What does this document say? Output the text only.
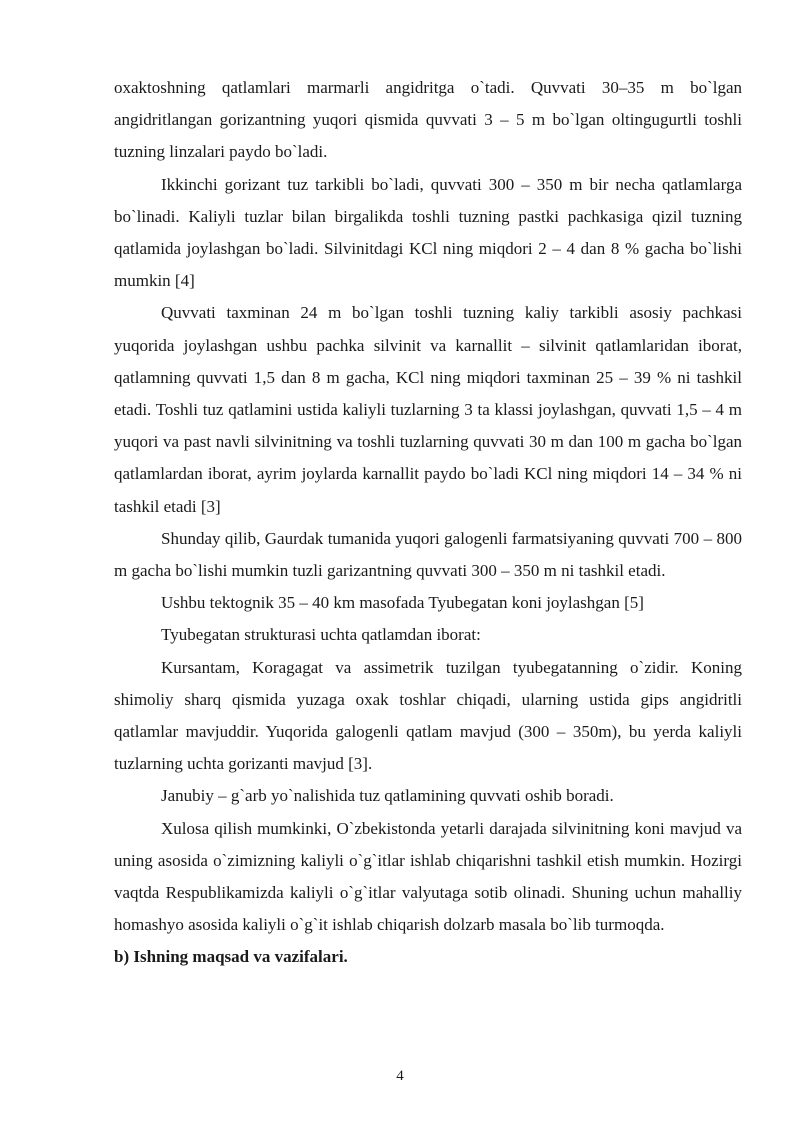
oxaktoshning qatlamlari marmarli angidritga o`tadi. Quvvati 30–35 m bo`lgan angidritlangan gorizantning yuqori qismida quvvati 3 – 5 m bo`lgan oltingugurtli toshli tuzning linzalari paydo bo`ladi.

Ikkinchi gorizant tuz tarkibli bo`ladi, quvvati 300 – 350 m bir necha qatlamlarga bo`linadi. Kaliyli tuzlar bilan birgalikda toshli tuzning pastki pachkasiga qizil tuzning qatlamida joylashgan bo`ladi. Silvinitdagi KCl ning miqdori 2 – 4 dan 8 % gacha bo`lishi mumkin [4]

Quvvati taxminan 24 m bo`lgan toshli tuzning kaliy tarkibli asosiy pachkasi yuqorida joylashgan ushbu pachka silvinit va karnallit – silvinit qatlamlaridan iborat, qatlamning quvvati 1,5 dan 8 m gacha, KCl ning miqdori taxminan 25 – 39 % ni tashkil etadi. Toshli tuz qatlamini ustida kaliyli tuzlarning 3 ta klassi joylashgan, quvvati 1,5 – 4 m yuqori va past navli silvinitning va toshli tuzlarning quvvati 30 m dan 100 m gacha bo`lgan qatlamlardan iborat, ayrim joylarda karnallit paydo bo`ladi KCl ning miqdori 14 – 34 % ni tashkil etadi [3]

Shunday qilib, Gaurdak tumanida yuqori galogenli farmatsiyaning quvvati 700 – 800 m gacha bo`lishi mumkin tuzli garizantning quvvati 300 – 350 m ni tashkil etadi.

Ushbu tektognik 35 – 40 km masofada Tyubegatan koni joylashgan [5]

Tyubegatan strukturasi uchta qatlamdan iborat:

Kursantam, Koragagat va assimetrik tuzilgan tyubegatanning o`zidir. Koning shimoliy sharq qismida yuzaga oxak toshlar chiqadi, ularning ustida gips angidritli qatlamlar mavjuddir. Yuqorida galogenli qatlam mavjud (300 – 350m), bu yerda kaliyli tuzlarning uchta gorizanti mavjud [3].

Janubiy – g`arb yo`nalishida tuz qatlamining quvvati oshib boradi.

Xulosa qilish mumkinki, O`zbekistonda yetarli darajada silvinitning koni mavjud va uning asosida o`zimizning kaliyli o`g`itlar ishlab chiqarishni tashkil etish mumkin. Hozirgi vaqtda Respublikamizda kaliyli o`g`itlar valyutaga sotib olinadi. Shuning uchun mahalliy homashyo asosida kaliyli o`g`it ishlab chiqarish dolzarb masala bo`lib turmoqda.

b) Ishning maqsad va vazifalari.

4
